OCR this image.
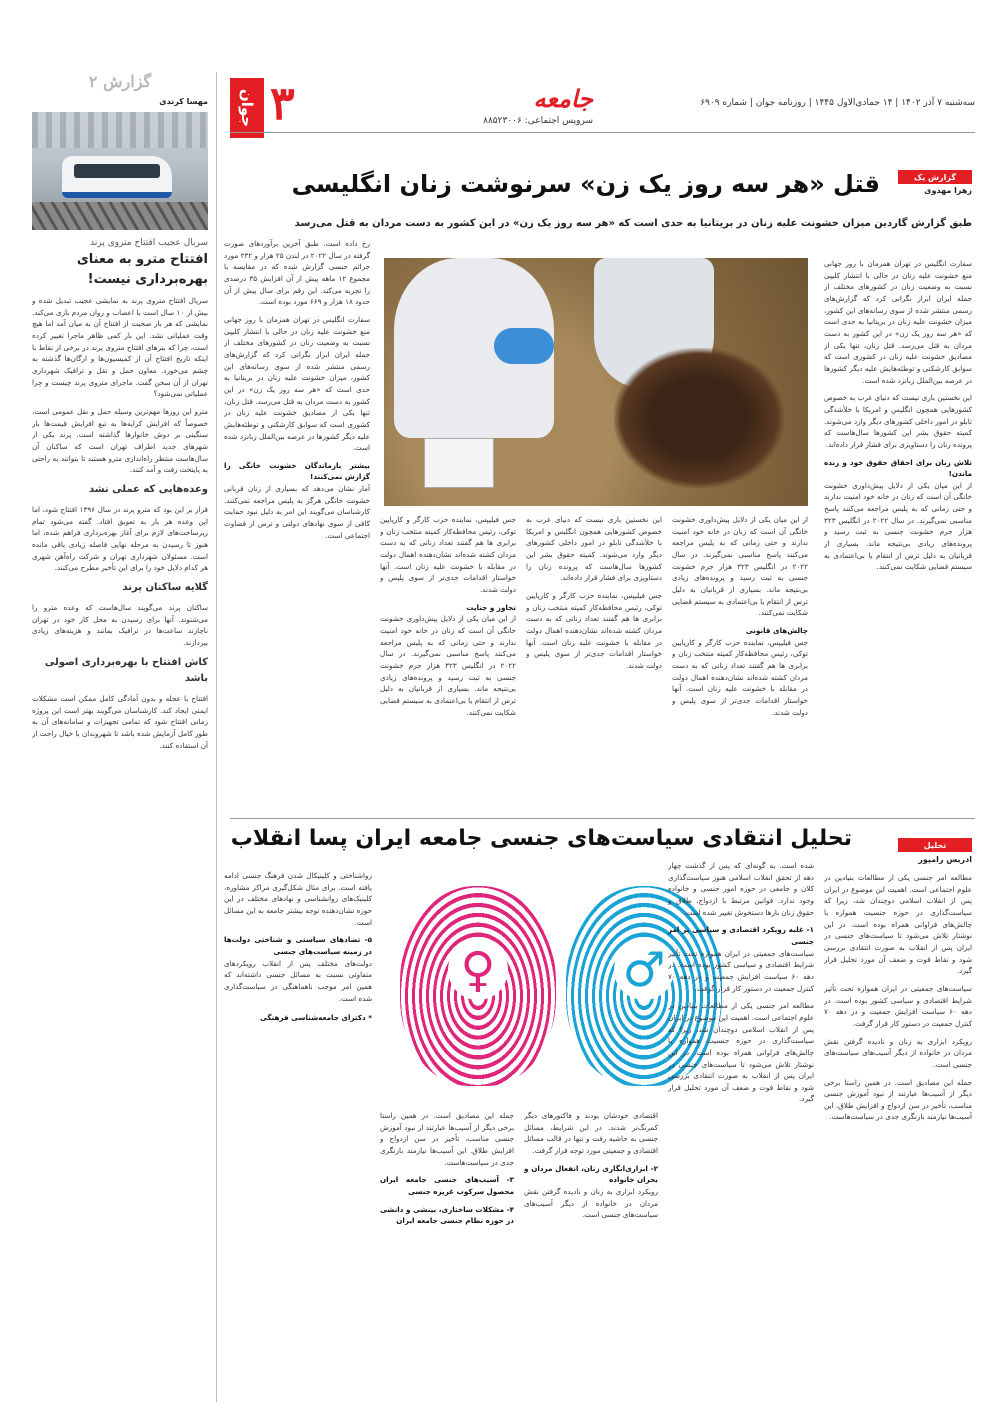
سه‌شنبه ۷ آذر ۱۴۰۲ | ۱۴ جمادی‌الاول ۱۴۴۵ | روزنامه جوان | شماره ۶۹۰۹
جامعه
سرویس اجتماعی: ۸۸۵۲۳۰۰۶
۳
جوان
گزارش ۲
مهسا کرندی
سریال عجیب افتتاح متروی پرند
افتتاح مترو به معنای بهره‌برداری نیست!

سریال افتتاح متروی پرند به نمایشی عجیب تبدیل شده و بیش از ۱۰ سال است با اعصاب و روان مردم بازی می‌کند. نمایشی که هر بار صحبت از افتتاح آن به میان آمد اما هیچ وقت عملیاتی نشد. این بار کمی ظاهر ماجرا تغییر کرده است، چرا که بنرهای افتتاح متروی پرند در برخی از نقاط با اینکه تاریخ افتتاح آن از کمیسیون‌ها و ارگان‌ها گذشته به چشم می‌خورد. معاون حمل و نقل و ترافیک شهرداری تهران از آن سخن گفت. ماجرای متروی پرند چیست و چرا عملیاتی نمی‌شود؟

مترو این روزها مهم‌ترین وسیله حمل و نقل عمومی است، خصوصاً که افزایش کرایه‌ها به تبع افزایش قیمت‌ها بار سنگینی بر دوش خانوارها گذاشته است. پرند یکی از شهرهای جدید اطراف تهران است که ساکنان آن سال‌هاست منتظر راه‌اندازی مترو هستند تا بتوانند به راحتی به پایتخت رفت و آمد کنند.

وعده‌هایی که عملی نشد

قرار بر این بود که مترو پرند در سال ۱۳۹۶ افتتاح شود، اما این وعده هر بار به تعویق افتاد. گفته می‌شود تمام زیرساخت‌های لازم برای آغاز بهره‌برداری فراهم شده، اما هنوز تا رسیدن به مرحله نهایی فاصله زیادی باقی مانده است. مسئولان شهرداری تهران و شرکت راه‌آهن شهری هر کدام دلایل خود را برای این تأخیر مطرح می‌کنند.

گلایه ساکنان پرند

ساکنان پرند می‌گویند سال‌هاست که وعده مترو را می‌شنوند. آنها برای رسیدن به محل کار خود در تهران ناچارند ساعت‌ها در ترافیک بمانند و هزینه‌های زیادی بپردازند.

کاش افتتاح با بهره‌برداری اصولی باشد

افتتاح با عجله و بدون آمادگی کامل ممکن است مشکلات ایمنی ایجاد کند. کارشناسان می‌گویند بهتر است این پروژه زمانی افتتاح شود که تمامی تجهیزات و سامانه‌های آن به طور کامل آزمایش شده باشد تا شهروندان با خیال راحت از آن استفاده کنند.

گزارش یک
زهرا مهدوی
قتل «هر سه روز یک زن» سرنوشت زنان انگلیسی
طبق گزارش گاردین میزان خشونت علیه زنان در بریتانیا به حدی است که «هر سه روز یک زن» در این کشور به دست مردان به قتل می‌رسد

سفارت انگلیس در تهران همزمان با روز جهانی منع خشونت علیه زنان در حالی با انتشار کلیپی نسبت به وضعیت زنان در کشورهای مختلف از جمله ایران ابراز نگرانی کرد که گزارش‌های رسمی منتشر شده از سوی رسانه‌های این کشور، میزان خشونت علیه زنان در بریتانیا به حدی است که «هر سه روز یک زن» در این کشور به دست مردان به قتل می‌رسد. قتل زنان، تنها یکی از مصادیق خشونت علیه زنان در کشوری است که سوابق کارشکنی و توطئه‌هایش علیه دیگر کشورها در عرصه بین‌الملل زبانزد شده است.

این نخستین باری نیست که دنیای غرب به خصوص کشورهایی همچون انگلیس و امریکا با خلأ‌شدگی تابلو در امور داخلی کشورهای دیگر وارد می‌شوند. کمیته حقوق بشر این کشورها سال‌هاست که پرونده زنان را دستاویزی برای فشار قرار داده‌اند.

تلاش زنان برای احقاق حقوق خود و زنده ماندن!

از این میان یکی از دلایل پیش‌داوری خشونت خانگی آن است که زنان در خانه خود امنیت ندارند و حتی زمانی که به پلیس مراجعه می‌کنند پاسخ مناسبی نمی‌گیرند. در سال ۲۰۲۲ در انگلیس ۳۲۳ هزار جرم خشونت جنسی به ثبت رسید و پرونده‌های زیادی بی‌نتیجه ماند. بسیاری از قربانیان به دلیل ترس از انتقام یا بی‌اعتمادی به سیستم قضایی شکایت نمی‌کنند.

از این میان یکی از دلایل پیش‌داوری خشونت خانگی آن است که زنان در خانه خود امنیت ندارند و حتی زمانی که به پلیس مراجعه می‌کنند پاسخ مناسبی نمی‌گیرند. در سال ۲۰۲۲ در انگلیس ۳۲۳ هزار جرم خشونت جنسی به ثبت رسید و پرونده‌های زیادی بی‌نتیجه ماند. بسیاری از قربانیان به دلیل ترس از انتقام یا بی‌اعتمادی به سیستم قضایی شکایت نمی‌کنند.

چالش‌های قانونی

جس فیلیپس، نماینده حزب کارگر و کارپایین توکی، رئیس محافظه‌کار کمیته منتخب زنان و برابری ها هم گفتند تعداد زنانی که به دست مردان کشته شده‌اند نشان‌دهنده اهمال دولت در مقابله با خشونت علیه زنان است. آنها خواستار اقدامات جدی‌تر از سوی پلیس و دولت شدند.

این نخستین باری نیست که دنیای غرب به خصوص کشورهایی همچون انگلیس و امریکا با خلأ‌شدگی تابلو در امور داخلی کشورهای دیگر وارد می‌شوند. کمیته حقوق بشر این کشورها سال‌هاست که پرونده زنان را دستاویزی برای فشار قرار داده‌اند.

جس فیلیپس، نماینده حزب کارگر و کارپایین توکی، رئیس محافظه‌کار کمیته منتخب زنان و برابری ها هم گفتند تعداد زنانی که به دست مردان کشته شده‌اند نشان‌دهنده اهمال دولت در مقابله با خشونت علیه زنان است. آنها خواستار اقدامات جدی‌تر از سوی پلیس و دولت شدند.

جس فیلیپس، نماینده حزب کارگر و کارپایین توکی، رئیس محافظه‌کار کمیته منتخب زنان و برابری ها هم گفتند تعداد زنانی که به دست مردان کشته شده‌اند نشان‌دهنده اهمال دولت در مقابله با خشونت علیه زنان است. آنها خواستار اقدامات جدی‌تر از سوی پلیس و دولت شدند.

تجاوز و جنایت

از این میان یکی از دلایل پیش‌داوری خشونت خانگی آن است که زنان در خانه خود امنیت ندارند و حتی زمانی که به پلیس مراجعه می‌کنند پاسخ مناسبی نمی‌گیرند. در سال ۲۰۲۲ در انگلیس ۳۲۳ هزار جرم خشونت جنسی به ثبت رسید و پرونده‌های زیادی بی‌نتیجه ماند. بسیاری از قربانیان به دلیل ترس از انتقام یا بی‌اعتمادی به سیستم قضایی شکایت نمی‌کنند.

رخ داده است. طبق آخرین برآوردهای صورت گرفته در سال ۲۰۲۲ در لندن ۲۵ هزار و ۲۳۲ مورد جرائم جنسی گزارش شده که در مقایسه با مجموع ۱۲ ماهه پیش از آن افزایش ۳۵ درصدی را تجربه می‌کند. این رقم برای سال پیش از آن حدود ۱۸ هزار و ۶۶۹ مورد بوده است.

سفارت انگلیس در تهران همزمان با روز جهانی منع خشونت علیه زنان در حالی با انتشار کلیپی نسبت به وضعیت زنان در کشورهای مختلف از جمله ایران ابراز نگرانی کرد که گزارش‌های رسمی منتشر شده از سوی رسانه‌های این کشور، میزان خشونت علیه زنان در بریتانیا به حدی است که «هر سه روز یک زن» در این کشور به دست مردان به قتل می‌رسد. قتل زنان، تنها یکی از مصادیق خشونت علیه زنان در کشوری است که سوابق کارشکنی و توطئه‌هایش علیه دیگر کشورها در عرصه بین‌الملل زبانزد شده است.

بیشتر بازماندگان خشونت خانگی را گزارش نمی‌کنند!

آمار نشان می‌دهد که بسیاری از زنان قربانی خشونت خانگی هرگز به پلیس مراجعه نمی‌کنند. کارشناسان می‌گویند این امر به دلیل نبود حمایت کافی از سوی نهادهای دولتی و ترس از قضاوت اجتماعی است.

تحلیل
ادریس رامپور
تحلیل انتقادی سیاست‌های جنسی جامعه ایران پسا انقلاب
♀	♂

مطالعه امر جنسی یکی از مطالعات بنیادین در علوم اجتماعی است. اهمیت این موضوع در ایران پس از انقلاب اسلامی دوچندان شد، زیرا که سیاست‌گذاری در حوزه جنسیت همواره با چالش‌های فراوانی همراه بوده است. در این نوشتار تلاش می‌شود تا سیاست‌های جنسی در ایران پس از انقلاب به صورت انتقادی بررسی شود و نقاط قوت و ضعف آن مورد تحلیل قرار گیرد.

سیاست‌های جمعیتی در ایران همواره تحت تأثیر شرایط اقتصادی و سیاسی کشور بوده است. در دهه ۶۰ سیاست افزایش جمعیت و در دهه ۷۰ کنترل جمعیت در دستور کار قرار گرفت.

رویکرد ابزاری به زنان و نادیده گرفتن نقش مردان در خانواده از دیگر آسیب‌های سیاست‌های جنسی است.

جمله این مصادیق است. در همین راستا برخی دیگر از آسیب‌ها عبارتند از نبود آموزش جنسی مناسب، تأخیر در سن ازدواج و افزایش طلاق. این آسیب‌ها نیازمند بازنگری جدی در سیاست‌هاست.

شده است. به گونه‌ای که پس از گذشت چهار دهه از تحقق انقلاب اسلامی هنوز سیاست‌گذاری کلان و جامعی در حوزه امور جنسی و خانواده وجود ندارد. قوانین مرتبط با ازدواج، طلاق و حقوق زنان بارها دستخوش تغییر شده است.

۱- غلبه رویکرد اقتصادی و سیاسی بر امر جنسی

سیاست‌های جمعیتی در ایران همواره تحت تأثیر شرایط اقتصادی و سیاسی کشور بوده است. در دهه ۶۰ سیاست افزایش جمعیت و در دهه ۷۰ کنترل جمعیت در دستور کار قرار گرفت.

مطالعه امر جنسی یکی از مطالعات بنیادین در علوم اجتماعی است. اهمیت این موضوع در ایران پس از انقلاب اسلامی دوچندان شد، زیرا که سیاست‌گذاری در حوزه جنسیت همواره با چالش‌های فراوانی همراه بوده است. در این نوشتار تلاش می‌شود تا سیاست‌های جنسی در ایران پس از انقلاب به صورت انتقادی بررسی شود و نقاط قوت و ضعف آن مورد تحلیل قرار گیرد.

اقتصادی خودشان بودند و فاکتورهای دیگر کمرنگ‌تر شدند. در این شرایط، مسائل جنسی به حاشیه رفت و تنها در قالب مسائل اقتصادی و جمعیتی مورد توجه قرار گرفت.

۲- ابزاری‌انگاری زنان، انفعال مردان و بحران خانواده

رویکرد ابزاری به زنان و نادیده گرفتن نقش مردان در خانواده از دیگر آسیب‌های سیاست‌های جنسی است.

جمله این مصادیق است. در همین راستا برخی دیگر از آسیب‌ها عبارتند از نبود آموزش جنسی مناسب، تأخیر در سن ازدواج و افزایش طلاق. این آسیب‌ها نیازمند بازنگری جدی در سیاست‌هاست.

۳- آسیب‌های جنسی جامعه ایران محصول سرکوب غریزه جنسی

۴- مشکلات ساختاری، بینشی و دانشی در حوزه نظام جنسی جامعه ایران

رواشناختی و کلینیکال شدن فرهنگ جنسی ادامه یافته است. برای مثال شکل‌گیری مراکز مشاوره، کلینیک‌های روانشناسی و نهادهای مختلف در این حوزه نشان‌دهنده توجه بیشتر جامعه به این مسائل است.

۵- تضادهای سیاستی و شناختی دولت‌ها در زمینه سیاست‌های جنسی

دولت‌های مختلف پس از انقلاب رویکردهای متفاوتی نسبت به مسائل جنسی داشته‌اند که همین امر موجب ناهماهنگی در سیاست‌گذاری شده است.

* دکترای جامعه‌شناسی فرهنگی
